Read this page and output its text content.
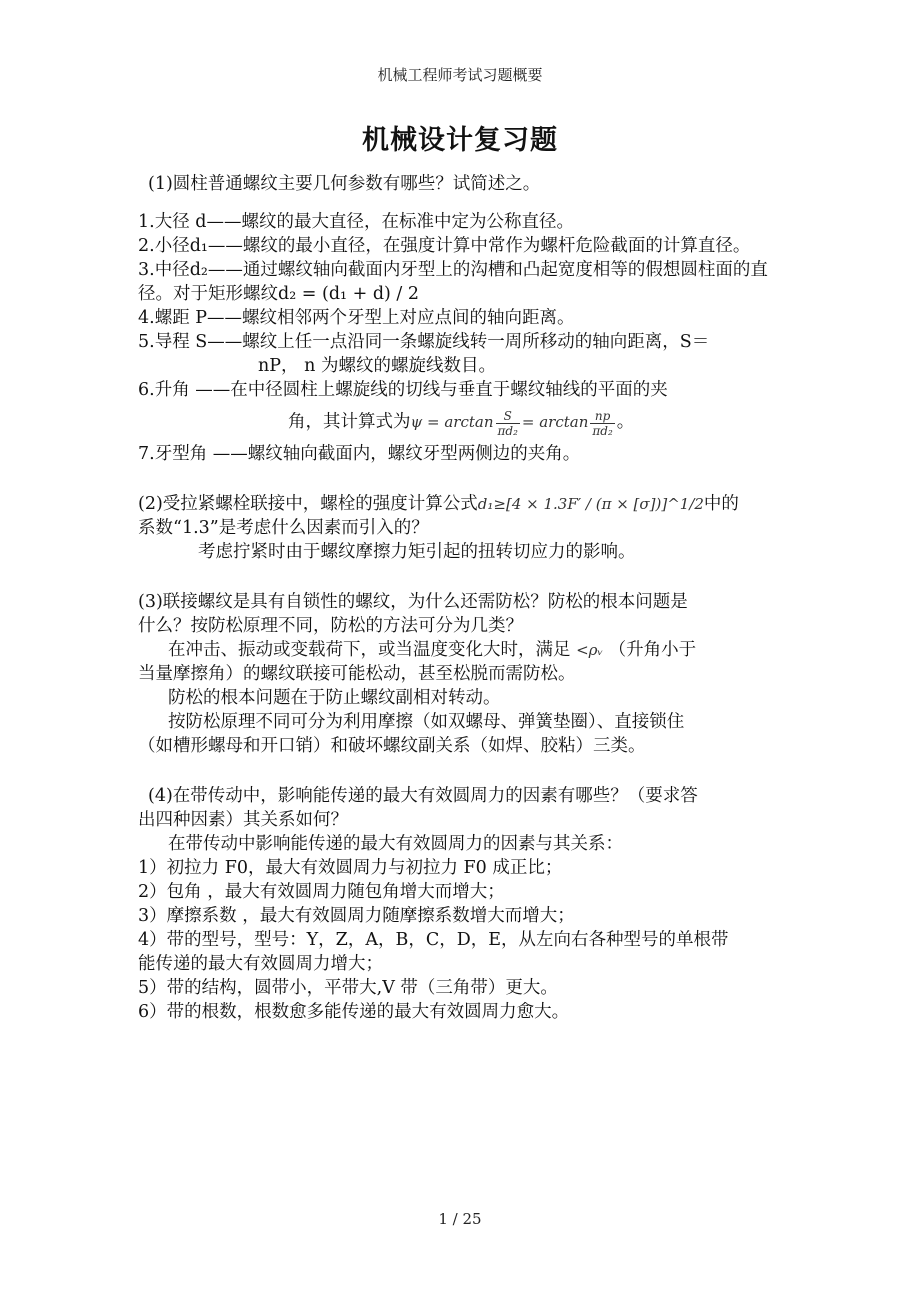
机械工程师考试习题概要
机械设计复习题

(1)圆柱普通螺纹主要几何参数有哪些？试简述之。

1.大径 d——螺纹的最大直径，在标准中定为公称直径。

2.小径d₁——螺纹的最小直径，在强度计算中常作为螺杆危险截面的计算直径。

3.中径d₂——通过螺纹轴向截面内牙型上的沟槽和凸起宽度相等的假想圆柱面的直径。对于矩形螺纹d₂ = (d₁ + d) / 2

4.螺距 P——螺纹相邻两个牙型上对应点间的轴向距离。

5.导程 S——螺纹上任一点沿同一条螺旋线转一周所移动的轴向距离，S＝

nP， n 为螺纹的螺旋线数目。

6.升角 ——在中径圆柱上螺旋线的切线与垂直于螺纹轴线的平面的夹

角，其计算式为$\psi = \arctan \frac{S}{\text{πd₂}} = \arctan \frac{np}{\text{πd₂}}$ 。

7.牙型角 ——螺纹轴向截面内，螺纹牙型两侧边的夹角。

(2)受拉紧螺栓联接中，螺栓的强度计算公式d₁≥[4 × 1.3F′ / (π × [σ])]^1/2中的

系数“1.3”是考虑什么因素而引入的？

考虑拧紧时由于螺纹摩擦力矩引起的扭转切应力的影响。

(3)联接螺纹是具有自锁性的螺纹，为什么还需防松？防松的根本问题是

什么？按防松原理不同，防松的方法可分为几类？

在冲击、振动或变载荷下，或当温度变化大时，满足 <ρᵥ （升角小于

当量摩擦角）的螺纹联接可能松动，甚至松脱而需防松。

防松的根本问题在于防止螺纹副相对转动。

按防松原理不同可分为利用摩擦（如双螺母、弹簧垫圈）、直接锁住

（如槽形螺母和开口销）和破坏螺纹副关系（如焊、胶粘）三类。

(4)在带传动中，影响能传递的最大有效圆周力的因素有哪些？（要求答

出四种因素）其关系如何？

在带传动中影响能传递的最大有效圆周力的因素与其关系：

1）初拉力 F0，最大有效圆周力与初拉力 F0 成正比；

2）包角 ，最大有效圆周力随包角增大而增大；

3）摩擦系数 ，最大有效圆周力随摩擦系数增大而增大；

4）带的型号，型号：Y，Z，A，B，C，D，E，从左向右各种型号的单根带

能传递的最大有效圆周力增大；

5）带的结构，圆带小，平带大,V 带（三角带）更大。

6）带的根数，根数愈多能传递的最大有效圆周力愈大。

1 / 25
